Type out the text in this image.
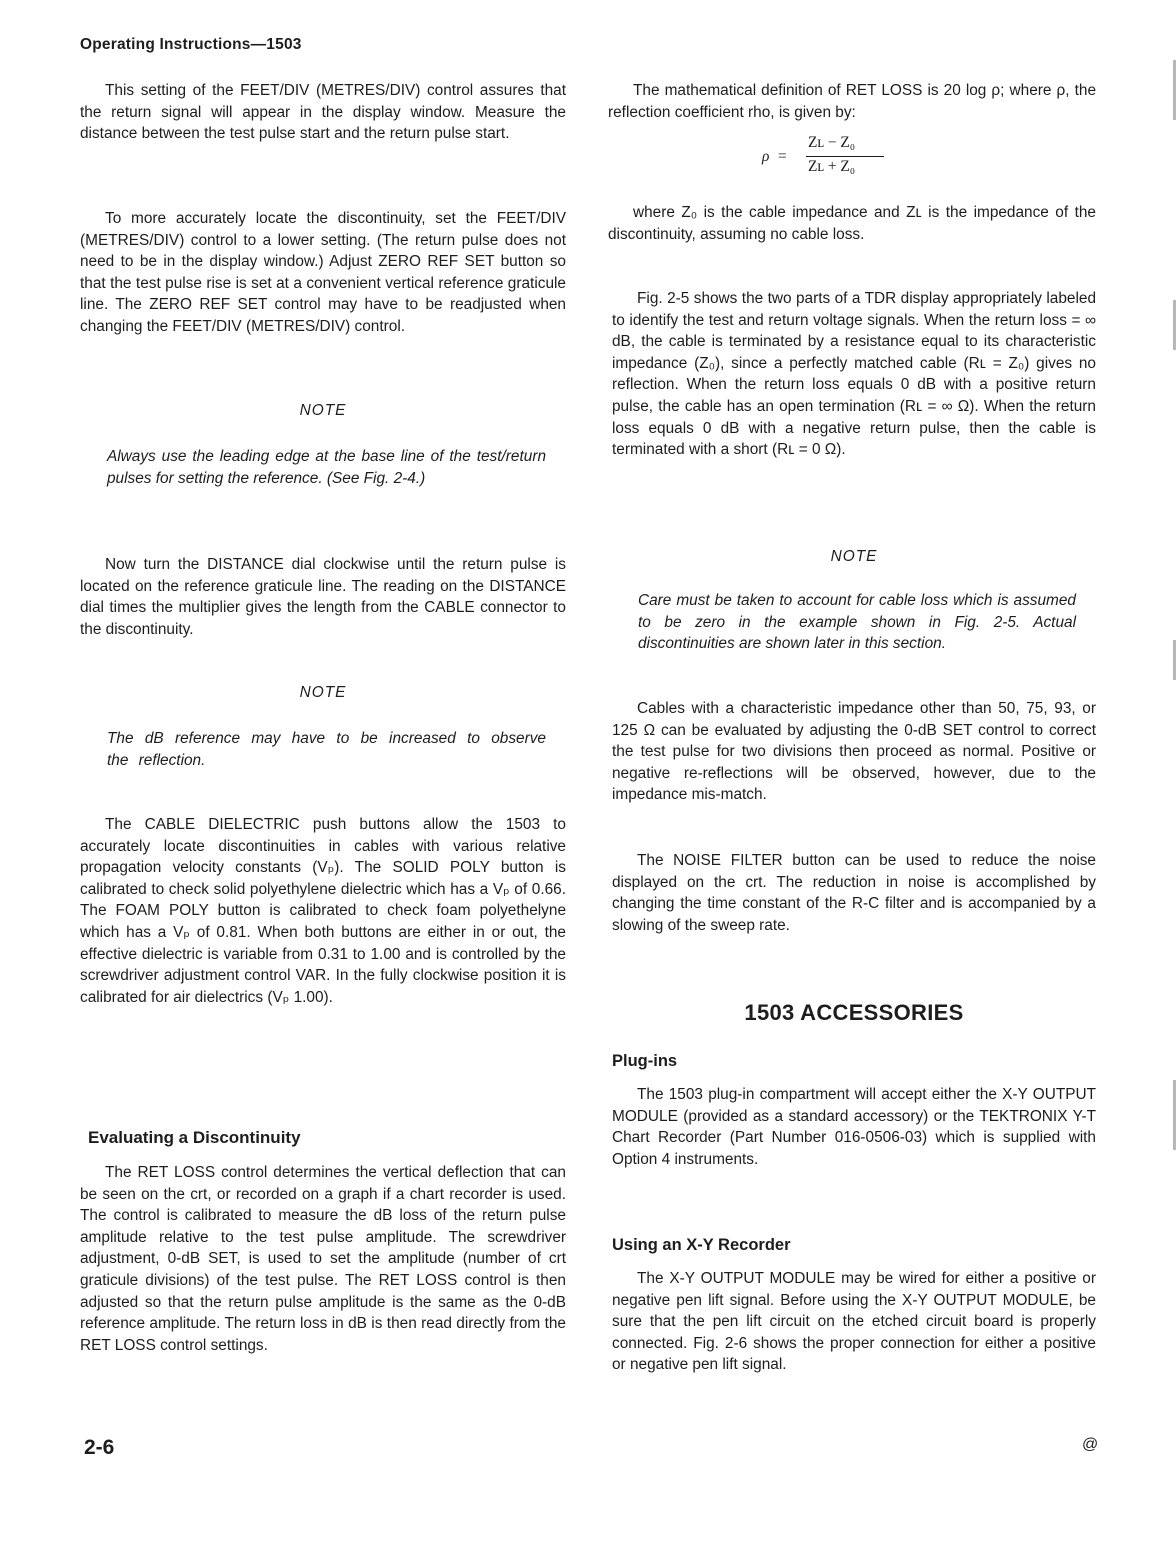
Operating Instructions—1503

This setting of the FEET/DIV (METRES/DIV) control assures that the return signal will appear in the display window. Measure the distance between the test pulse start and the return pulse start.

To more accurately locate the discontinuity, set the FEET/DIV (METRES/DIV) control to a lower setting. (The return pulse does not need to be in the display window.) Adjust ZERO REF SET button so that the test pulse rise is set at a convenient vertical reference graticule line. The ZERO REF SET control may have to be readjusted when changing the FEET/DIV (METRES/DIV) control.

NOTE

Always use the leading edge at the base line of the test/return pulses for setting the reference. (See Fig. 2-4.)

Now turn the DISTANCE dial clockwise until the return pulse is located on the reference graticule line. The reading on the DISTANCE dial times the multiplier gives the length from the CABLE connector to the discontinuity.

NOTE

The dB reference may have to be increased to observe the reflection.

The CABLE DIELECTRIC push buttons allow the 1503 to accurately locate discontinuities in cables with various relative propagation velocity constants (Vₚ). The SOLID POLY button is calibrated to check solid polyethylene dielectric which has a Vₚ of 0.66. The FOAM POLY button is calibrated to check foam polyethelyne which has a Vₚ of 0.81. When both buttons are either in or out, the effective dielectric is variable from 0.31 to 1.00 and is controlled by the screwdriver adjustment control VAR. In the fully clockwise position it is calibrated for air dielectrics (Vₚ 1.00).

Evaluating a Discontinuity

The RET LOSS control determines the vertical deflection that can be seen on the crt, or recorded on a graph if a chart recorder is used. The control is calibrated to measure the dB loss of the return pulse amplitude relative to the test pulse amplitude. The screwdriver adjustment, 0-dB SET, is used to set the amplitude (number of crt graticule divisions) of the test pulse. The RET LOSS control is then adjusted so that the return pulse amplitude is the same as the 0-dB reference amplitude. The return loss in dB is then read directly from the RET LOSS control settings.

The mathematical definition of RET LOSS is 20 log ρ; where ρ, the reflection coefficient rho, is given by:

ρ =
Zʟ − Z₀
Zʟ + Z₀

where Z₀ is the cable impedance and Zʟ is the impedance of the discontinuity, assuming no cable loss.

Fig. 2-5 shows the two parts of a TDR display appropriately labeled to identify the test and return voltage signals. When the return loss = ∞ dB, the cable is terminated by a resistance equal to its characteristic impedance (Z₀), since a perfectly matched cable (Rʟ = Z₀) gives no reflection. When the return loss equals 0 dB with a positive return pulse, the cable has an open termination (Rʟ = ∞ Ω). When the return loss equals 0 dB with a negative return pulse, then the cable is terminated with a short (Rʟ = 0 Ω).

NOTE

Care must be taken to account for cable loss which is assumed to be zero in the example shown in Fig. 2-5. Actual discontinuities are shown later in this section.

Cables with a characteristic impedance other than 50, 75, 93, or 125 Ω can be evaluated by adjusting the 0-dB SET control to correct the test pulse for two divisions then proceed as normal. Positive or negative re-reflections will be observed, however, due to the impedance mis-match.

The NOISE FILTER button can be used to reduce the noise displayed on the crt. The reduction in noise is accomplished by changing the time constant of the R-C filter and is accompanied by a slowing of the sweep rate.

1503 ACCESSORIES
Plug-ins

The 1503 plug-in compartment will accept either the X-Y OUTPUT MODULE (provided as a standard accessory) or the TEKTRONIX Y-T Chart Recorder (Part Number 016-0506-03) which is supplied with Option 4 instruments.

Using an X-Y Recorder

The X-Y OUTPUT MODULE may be wired for either a positive or negative pen lift signal. Before using the X-Y OUTPUT MODULE, be sure that the pen lift circuit on the etched circuit board is properly connected. Fig. 2-6 shows the proper connection for either a positive or negative pen lift signal.

2-6	@
